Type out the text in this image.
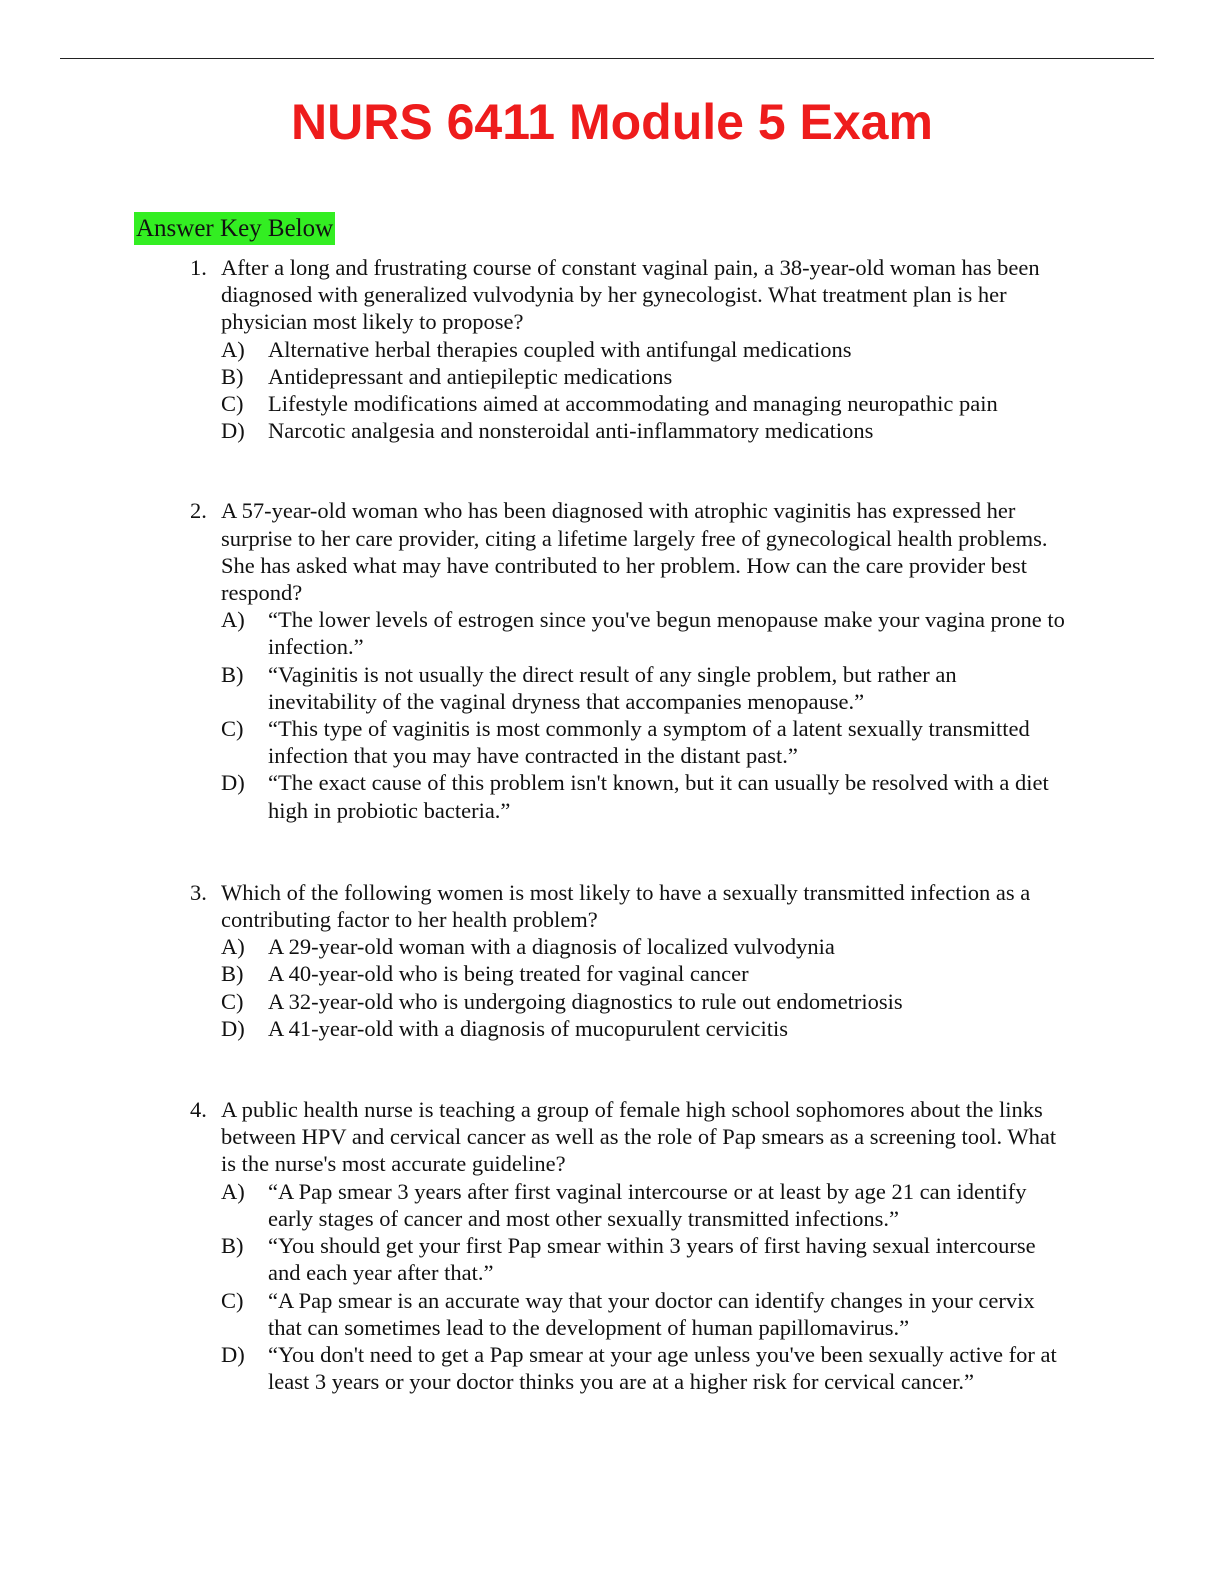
NURS 6411 Module 5 Exam
Answer Key Below
1. After a long and frustrating course of constant vaginal pain, a 38-year-old woman has been diagnosed with generalized vulvodynia by her gynecologist. What treatment plan is her physician most likely to propose?
A) Alternative herbal therapies coupled with antifungal medications
B) Antidepressant and antiepileptic medications
C) Lifestyle modifications aimed at accommodating and managing neuropathic pain
D) Narcotic analgesia and nonsteroidal anti-inflammatory medications
2. A 57-year-old woman who has been diagnosed with atrophic vaginitis has expressed her surprise to her care provider, citing a lifetime largely free of gynecological health problems. She has asked what may have contributed to her problem. How can the care provider best respond?
A) “The lower levels of estrogen since you've begun menopause make your vagina prone to infection.”
B) “Vaginitis is not usually the direct result of any single problem, but rather an inevitability of the vaginal dryness that accompanies menopause.”
C) “This type of vaginitis is most commonly a symptom of a latent sexually transmitted infection that you may have contracted in the distant past.”
D) “The exact cause of this problem isn't known, but it can usually be resolved with a diet high in probiotic bacteria.”
3. Which of the following women is most likely to have a sexually transmitted infection as a contributing factor to her health problem?
A) A 29-year-old woman with a diagnosis of localized vulvodynia
B) A 40-year-old who is being treated for vaginal cancer
C) A 32-year-old who is undergoing diagnostics to rule out endometriosis
D) A 41-year-old with a diagnosis of mucopurulent cervicitis
4. A public health nurse is teaching a group of female high school sophomores about the links between HPV and cervical cancer as well as the role of Pap smears as a screening tool. What is the nurse's most accurate guideline?
A) “A Pap smear 3 years after first vaginal intercourse or at least by age 21 can identify early stages of cancer and most other sexually transmitted infections.”
B) “You should get your first Pap smear within 3 years of first having sexual intercourse and each year after that.”
C) “A Pap smear is an accurate way that your doctor can identify changes in your cervix that can sometimes lead to the development of human papillomavirus.”
D) “You don't need to get a Pap smear at your age unless you've been sexually active for at least 3 years or your doctor thinks you are at a higher risk for cervical cancer.”
